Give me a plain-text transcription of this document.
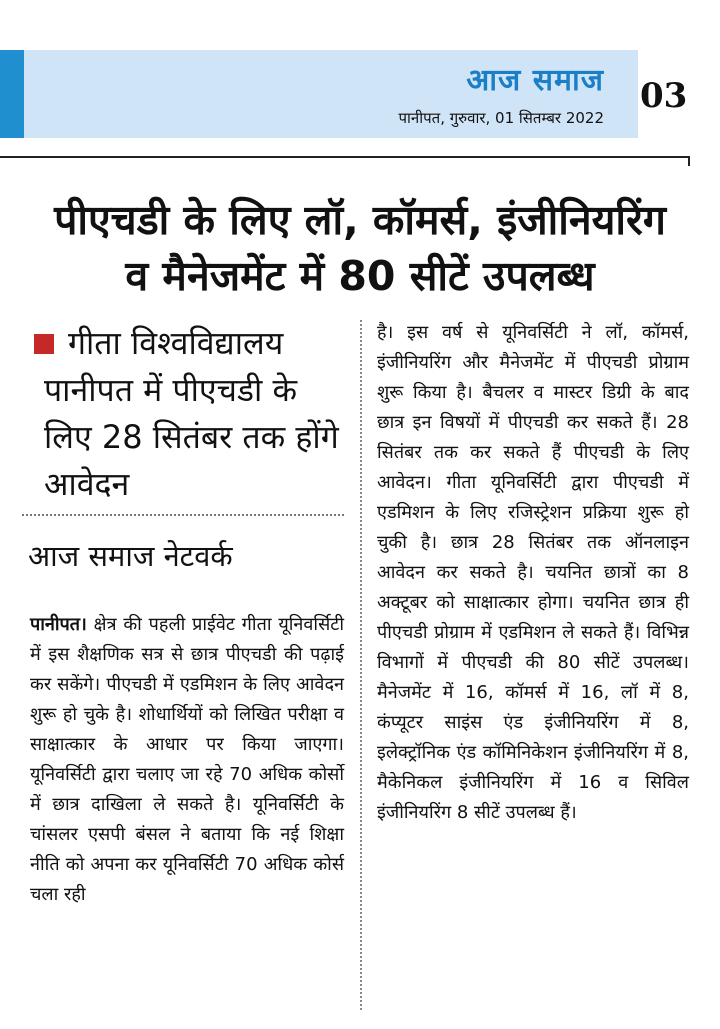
आज समाज
पानीपत, गुरुवार, 01 सितम्बर 2022
03
पीएचडी के लिए लॉ, कॉमर्स, इंजीनियरिंग
व मैनेजमेंट में 80 सीटें उपलब्ध
गीता विश्वविद्यालय पानीपत में पीएचडी के लिए 28 सितंबर तक होंगे आवेदन
आज समाज नेटवर्क
पानीपत। क्षेत्र की पहली प्राईवेट गीता यूनिवर्सिटी में इस शैक्षणिक सत्र से छात्र पीएचडी की पढ़ाई कर सकेंगे। पीएचडी में एडमिशन के लिए आवेदन शुरू हो चुके है। शोधार्थियों को लिखित परीक्षा व साक्षात्कार के आधार पर किया जाएगा। यूनिवर्सिटी द्वारा चलाए जा रहे 70 अधिक कोर्सो में छात्र दाखिला ले सकते है। यूनिवर्सिटी के चांसलर एसपी बंसल ने बताया कि नई शिक्षा नीति को अपना कर यूनिवर्सिटी 70 अधिक कोर्स चला रही
है। इस वर्ष से यूनिवर्सिटी ने लॉ, कॉमर्स, इंजीनियरिंग और मैनेजमेंट में पीएचडी प्रोग्राम शुरू किया है। बैचलर व मास्टर डिग्री के बाद छात्र इन विषयों में पीएचडी कर सकते हैं। 28 सितंबर तक कर सकते हैं पीएचडी के लिए आवेदन। गीता यूनिवर्सिटी द्वारा पीएचडी में एडमिशन के लिए रजिस्ट्रेशन प्रक्रिया शुरू हो चुकी है। छात्र 28 सितंबर तक ऑनलाइन आवेदन कर सकते है। चयनित छात्रों का 8 अक्टूबर को साक्षात्कार होगा। चयनित छात्र ही पीएचडी प्रोग्राम में एडमिशन ले सकते हैं। विभिन्न विभागों में पीएचडी की 80 सीटें उपलब्ध। मैनेजमेंट में 16, कॉमर्स में 16, लॉ में 8, कंप्यूटर साइंस एंड इंजीनियरिंग में 8, इलेक्ट्रॉनिक एंड कॉमिनिकेशन इंजीनियरिंग में 8, मैकेनिकल इंजीनियरिंग में 16 व सिविल इंजीनियरिंग 8 सीटें उपलब्ध हैं।
